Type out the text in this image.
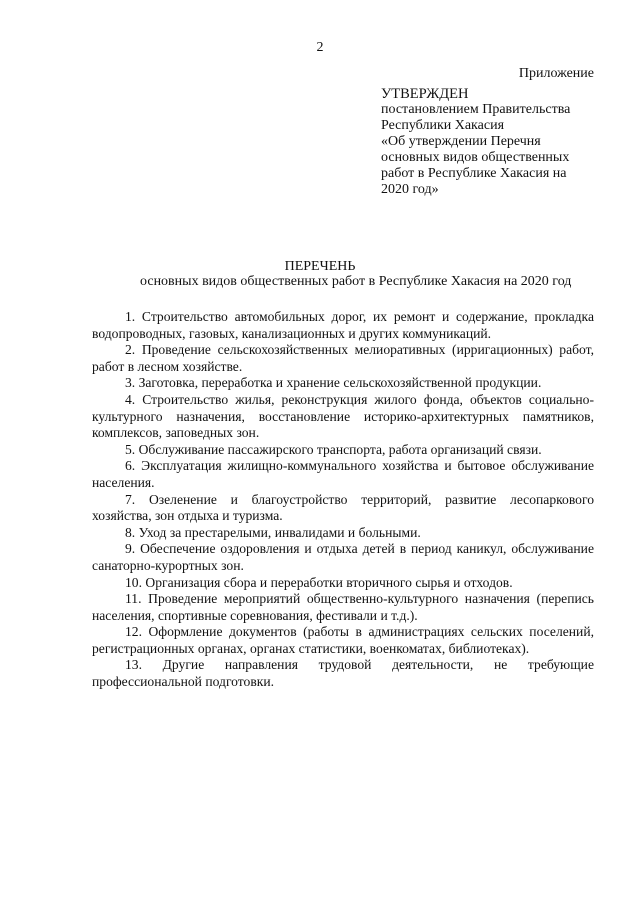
2
Приложение
УТВЕРЖДЕН
постановлением Правительства
Республики Хакасия
«Об утверждении Перечня
основных видов общественных
работ в Республике Хакасия на
2020 год»
ПЕРЕЧЕНЬ
основных видов общественных работ в Республике Хакасия на 2020 год
1. Строительство автомобильных дорог, их ремонт и содержание, прокладка водопроводных, газовых, канализационных и других коммуникаций.
2. Проведение сельскохозяйственных мелиоративных (ирригационных) работ, работ в лесном хозяйстве.
3. Заготовка, переработка и хранение сельскохозяйственной продукции.
4. Строительство жилья, реконструкция жилого фонда, объектов социально-культурного назначения, восстановление историко-архитектурных памятников, комплексов, заповедных зон.
5. Обслуживание пассажирского транспорта, работа организаций связи.
6. Эксплуатация жилищно-коммунального хозяйства и бытовое обслуживание населения.
7. Озеленение и благоустройство территорий, развитие лесопаркового хозяйства, зон отдыха и туризма.
8. Уход за престарелыми, инвалидами и больными.
9. Обеспечение оздоровления и отдыха детей в период каникул, обслуживание санаторно-курортных зон.
10. Организация сбора и переработки вторичного сырья и отходов.
11. Проведение мероприятий общественно-культурного назначения (перепись населения, спортивные соревнования, фестивали и т.д.).
12. Оформление документов (работы в администрациях сельских поселений, регистрационных органах, органах статистики, военкоматах, библиотеках).
13. Другие направления трудовой деятельности, не требующие профессиональной подготовки.
